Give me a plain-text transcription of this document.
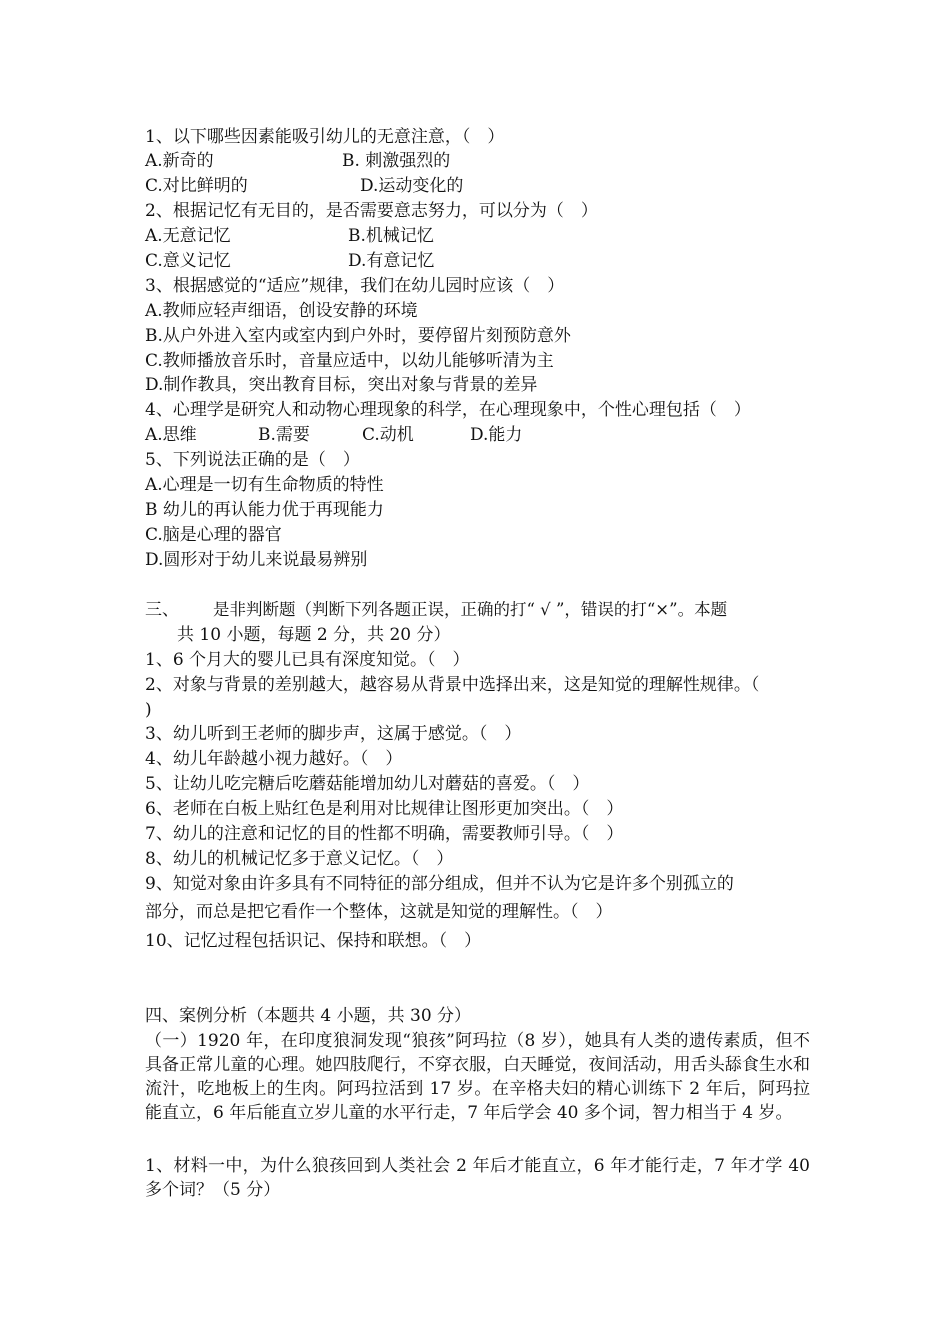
1、以下哪些因素能吸引幼儿的无意注意，（　）
A.新奇的	B. 刺激强烈的
C.对比鲜明的	D.运动变化的
2、根据记忆有无目的，是否需要意志努力，可以分为（　）
A.无意记忆	B.机械记忆
C.意义记忆	D.有意记忆
3、根据感觉的“适应”规律，我们在幼儿园时应该（　）
A.教师应轻声细语，创设安静的环境
B.从户外进入室内或室内到户外时，要停留片刻预防意外
C.教师播放音乐时，音量应适中，以幼儿能够听清为主
D.制作教具，突出教育目标，突出对象与背景的差异
4、心理学是研究人和动物心理现象的科学，在心理现象中，个性心理包括（　）
A.思维	B.需要	C.动机	D.能力
5、下列说法正确的是（　）
A.心理是一切有生命物质的特性
B 幼儿的再认能力优于再现能力
C.脑是心理的器官
D.圆形对于幼儿来说最易辨别
三、 是非判断题（判断下列各题正误，正确的打“ √ ”，错误的打“×”。本题
共 10 小题，每题 2 分，共 20 分）
1、6 个月大的婴儿已具有深度知觉。（　）
2、对象与背景的差别越大，越容易从背景中选择出来，这是知觉的理解性规律。（
)
3、幼儿听到王老师的脚步声，这属于感觉。（　）
4、幼儿年龄越小视力越好。（　）
5、让幼儿吃完糖后吃蘑菇能增加幼儿对蘑菇的喜爱。（　）
6、老师在白板上贴红色是利用对比规律让图形更加突出。（　）
7、幼儿的注意和记忆的目的性都不明确，需要教师引导。（　）
8、幼儿的机械记忆多于意义记忆。（　）
9、知觉对象由许多具有不同特征的部分组成，但并不认为它是许多个别孤立的
部分，而总是把它看作一个整体，这就是知觉的理解性。（　）
10、记忆过程包括识记、保持和联想。（　）
四、案例分析（本题共 4 小题，共 30 分）
（一）1920 年，在印度狼洞发现“狼孩”阿玛拉（8 岁），她具有人类的遗传素质，但不具备正常儿童的心理。她四肢爬行，不穿衣服，白天睡觉，夜间活动，用舌头舔食生水和流汁，吃地板上的生肉。阿玛拉活到 17 岁。在辛格夫妇的精心训练下 2 年后，阿玛拉能直立，6 年后能直立岁儿童的水平行走，7 年后学会 40 多个词，智力相当于 4 岁。
1、材料一中，为什么狼孩回到人类社会 2 年后才能直立，6 年才能行走，7 年才学 40 多个词？（5 分）
